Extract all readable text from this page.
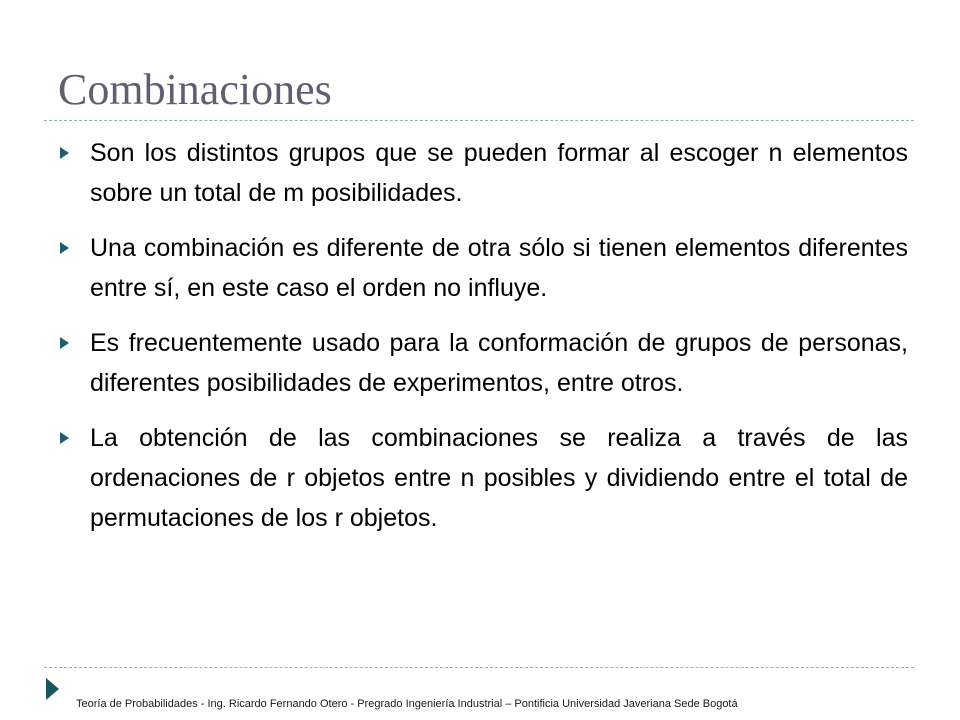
Combinaciones
Son los distintos grupos que se pueden formar al escoger n elementos sobre un total de m posibilidades.
Una combinación es diferente de otra sólo si tienen elementos diferentes entre sí, en este caso el orden no influye.
Es frecuentemente usado para la conformación de grupos de personas, diferentes posibilidades de experimentos, entre otros.
La obtención de las combinaciones se realiza a través de las ordenaciones de r objetos entre n posibles y dividiendo entre el total de permutaciones de los r objetos.
Teoría de Probabilidades - Ing. Ricardo Fernando Otero - Pregrado Ingeniería Industrial – Pontificia Universidad Javeriana Sede Bogotá
